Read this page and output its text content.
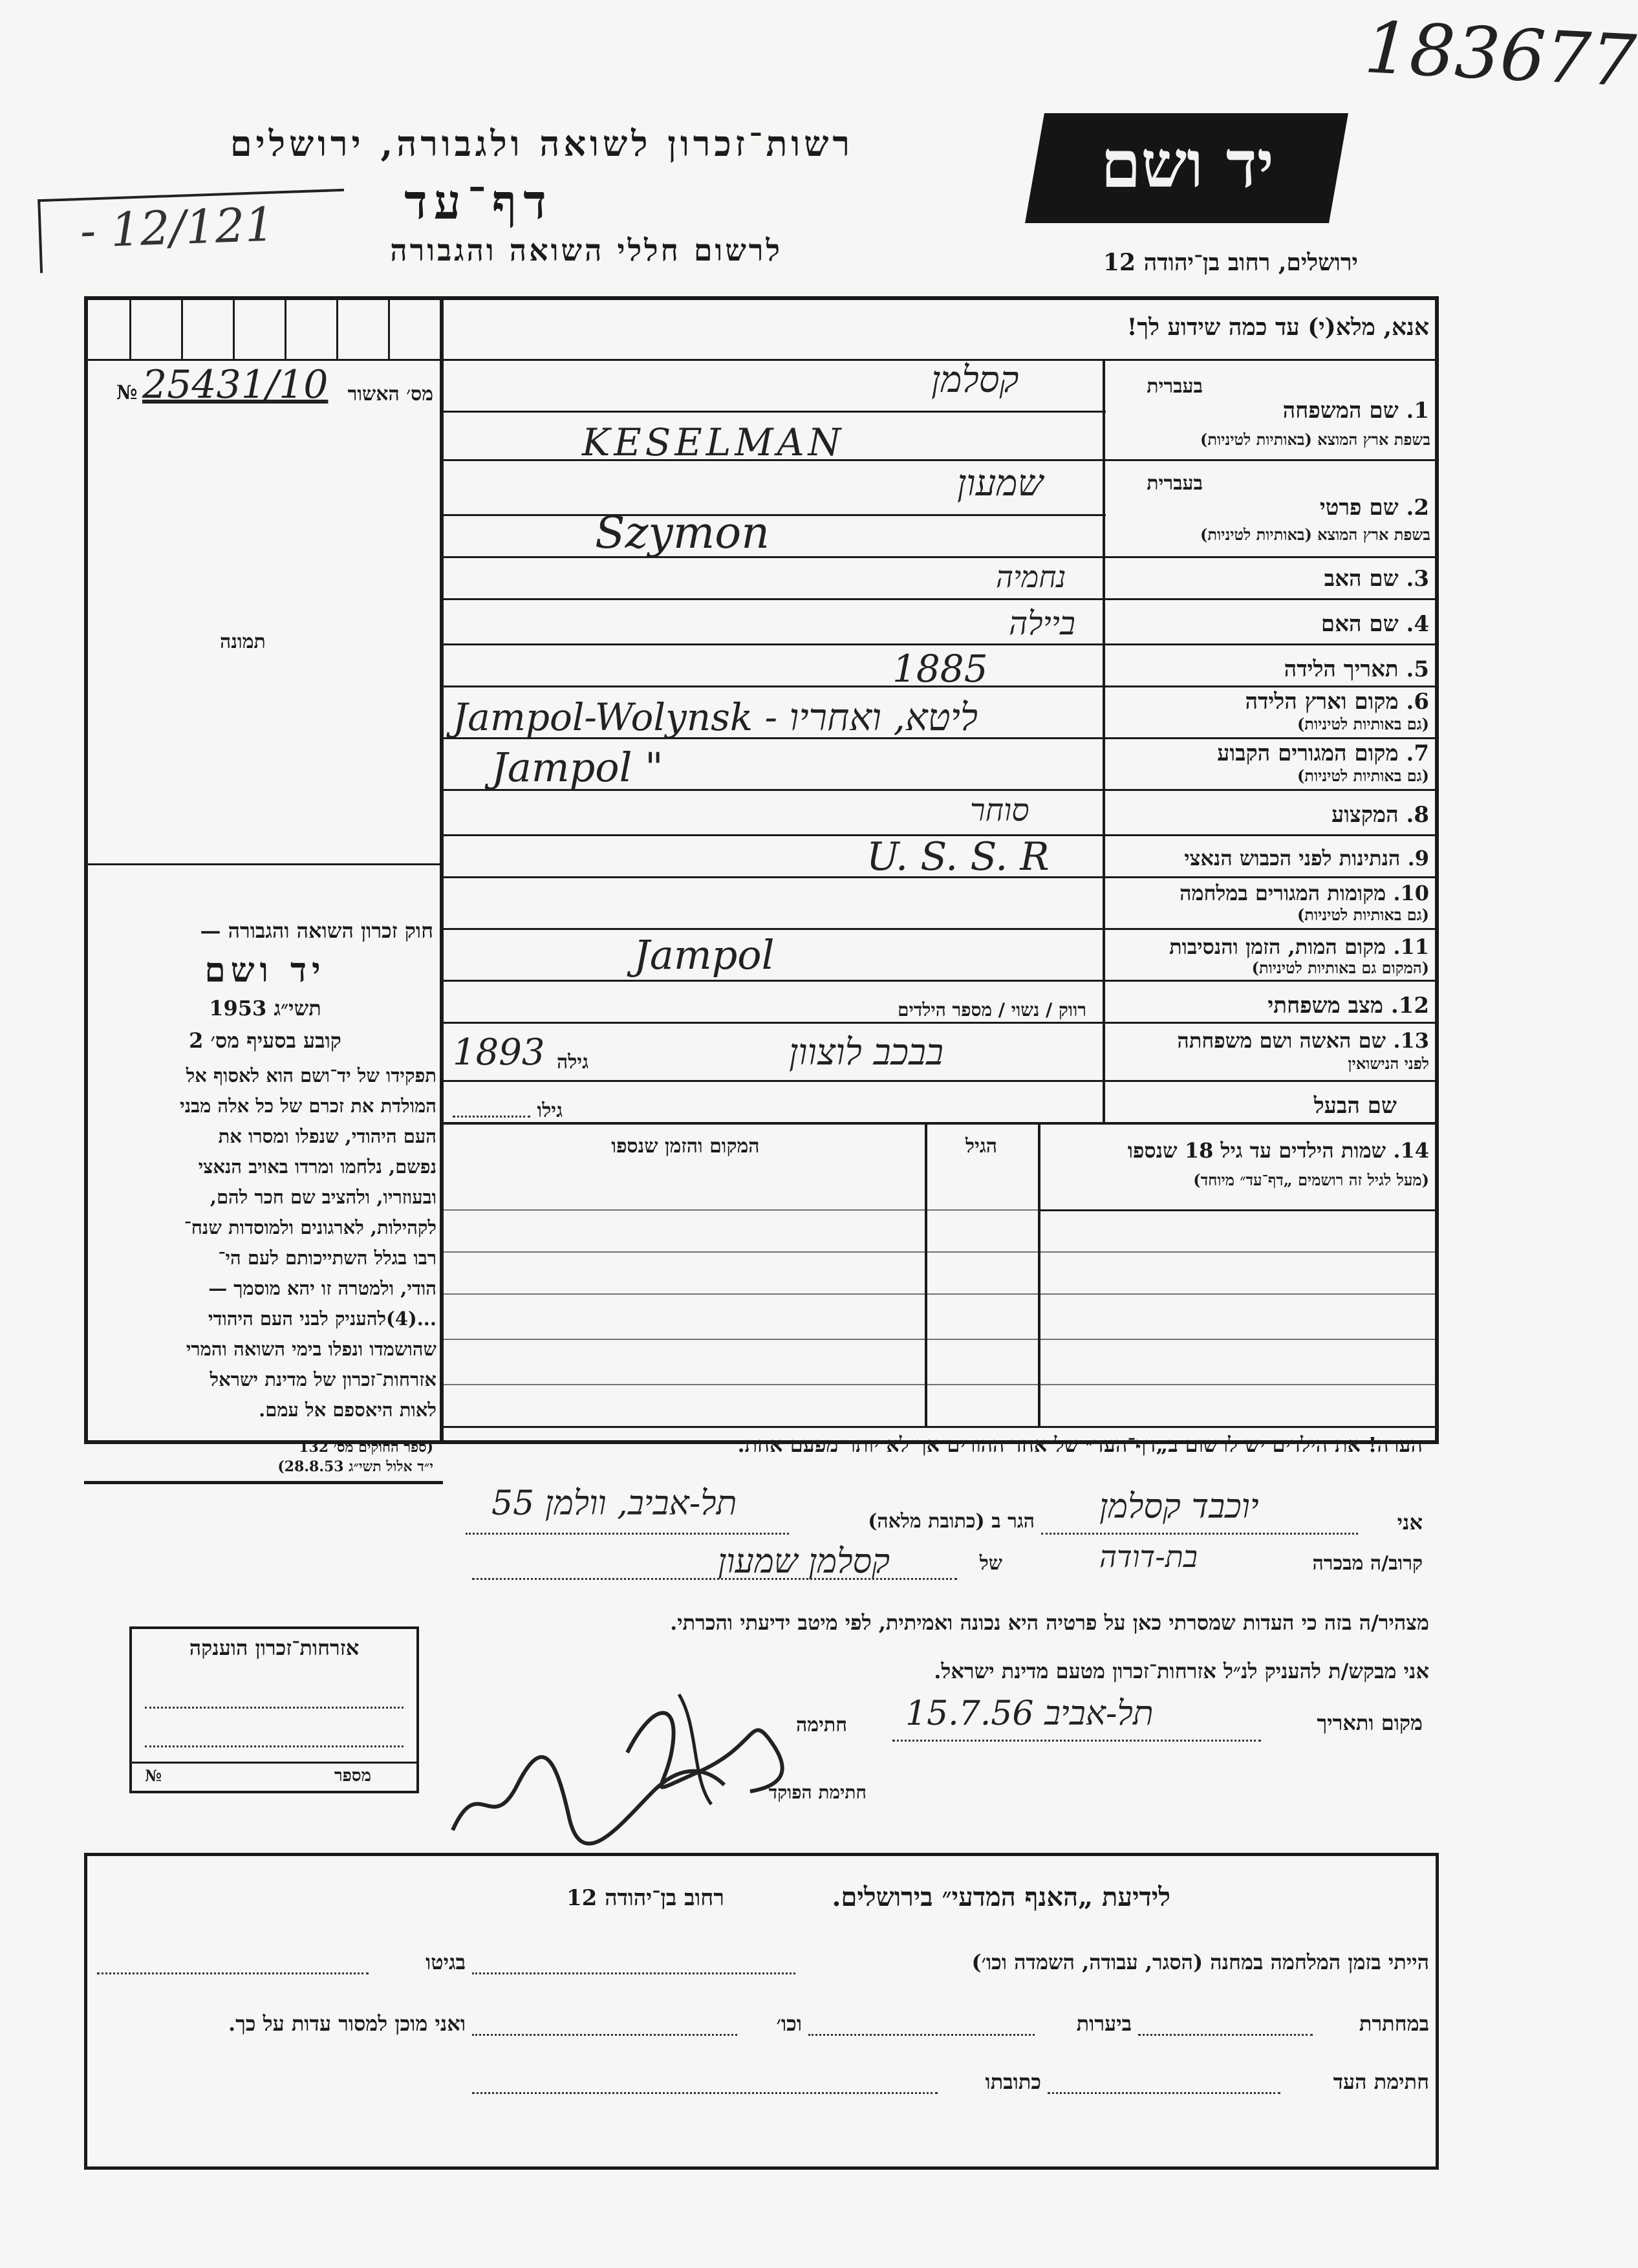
183677
רשות־זכרון לשואה ולגבורה, ירושלים
דף־עד
לרשום חללי השואה והגבורה
- 12/121
יד ושם
ירושלים, רחוב בן־יהודה 12
№ 25431/10	מס׳ האשור
תמונה
חוק זכרון השואה והגבורה —
יד ושם
תשי״ג 1953
קובע בסעיף מס׳ 2

תפקידו של יד־ושם הוא לאסוף אל

המולדת את זכרם של כל אלה מבני

העם היהודי, שנפלו ומסרו את

נפשם, נלחמו ומרדו באויב הנאצי

ובעוזריו, ולהציב שם חכר להם,

לקהילות, לארגונים ולמוסדות שנח־

רבו בגלל השתייכותם לעם הי־

הודי, ולמטרה זו יהא מוסמך —

...(4)להעניק לבני העם היהודי

שהושמדו ונפלו בימי השואה והמרי

אזרחות־זכרון של מדינת ישראל

לאות היאספם אל עמם.

(ספר החוקים מס׳ 132
י״ד אלול תשי״ג 28.8.53)
אנא, מלא(י) עד כמה שידוע לך!
בעברית
1. שם המשפחה
בשפת ארץ המוצא (באותיות לטיניות)
קסלמן
KESELMAN
בעברית
2. שם פרטי
בשפת ארץ המוצא (באותיות לטיניות)
שמעון
Szymon
3. שם האב
נחמיה
4. שם האם
ביילה
5. תאריך הלידה
1885
6. מקום וארץ הלידה
(גם באותיות לטיניות)
Jampol-Wolynsk - ליטא, ואחריו
7. מקום המגורים הקבוע
(גם באותיות לטיניות)
Jampol "
8. המקצוע
סוחר
9. הנתינות לפני הכבוש הנאצי
U. S. S. R
10. מקומות המגורים במלחמה
(גם באותיות לטיניות)
11. מקום המות, הזמן והנסיבות
(המקום גם באותיות לטיניות)
Jampol
12. מצב משפחתי
רווק / נשוי / מספר הילדים
13. שם האשה ושם משפחתה
לפני הנישואין
1893 גילה	בבכב לוצוון
שם הבעל
גילו
14. שמות הילדים עד גיל 18 שנספו
(מעל לגיל זה רושמים „דף־עד״ מיוחד)
הגיל
המקום והזמן שנספו
הערה! את הילדים יש לרשום ב„דף־העד״ של אחד ההורים אך לא יותר מפעם אחת.
אני
יוכבד קסלמן
הגר ב (כתובת מלאה)
תל-אביב, וולמן 55
קרוב/ה מבכרה
בת-דודה
של
קסלמן שמעון
מצהיר/ה בזה כי העדות שמסרתי כאן על פרטיה היא נכונה ואמיתית, לפי מיטב ידיעתי והכרתי.
אני מבקש/ת להעניק לנ״ל אזרחות־זכרון מטעם מדינת ישראל.
מקום ותאריך
תל-אביב 15.7.56
חתימה
חתימת הפוקד
אזרחות־זכרון הוענקה
№	מספר
לידיעת „האנף המדעי״ בירושלים.
רחוב בן־יהודה 12
הייתי בזמן המלחמה במחנה (הסגר, עבודה, השמדה וכו׳)
בגיטו
במחתרת
ביערות
וכו׳
ואני מוכן למסור עדות על כך.
חתימת העד
כתובתו
